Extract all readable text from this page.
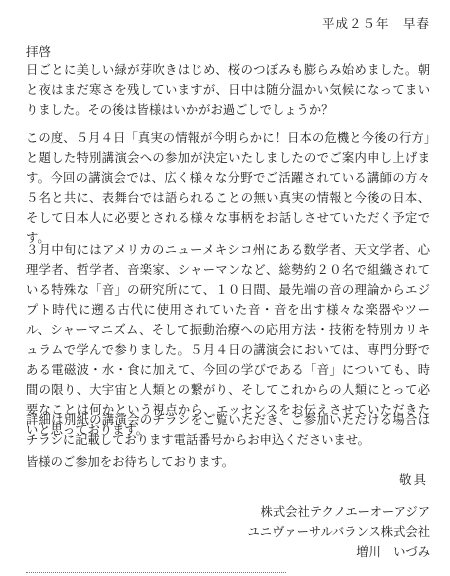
平成２５年　早春
拝啓

日ごとに美しい緑が芽吹きはじめ、桜のつぼみも膨らみ始めました。朝と夜はまだ寒さを残していますが、日中は随分温かい気候になってまいりました。その後は皆様はいかがお過ごしでしょうか？

この度、５月４日「真実の情報が今明らかに！日本の危機と今後の行方」と題した特別講演会への参加が決定いたしましたのでご案内申し上げます。今回の講演会では、広く様々な分野でご活躍されている講師の方々５名と共に、表舞台では語られることの無い真実の情報と今後の日本、そして日本人に必要とされる様々な事柄をお話しさせていただく予定です。

３月中旬にはアメリカのニューメキシコ州にある数学者、天文学者、心理学者、哲学者、音楽家、シャーマンなど、総勢約２０名で組織されている特殊な「音」の研究所にて、１０日間、最先端の音の理論からエジプト時代に遡る古代に使用されていた音・音を出す様々な楽器やツール、シャーマニズム、そして振動治療への応用方法・技術を特別カリキュラムで学んで参りました。５月４日の講演会においては、専門分野である電磁波・水・食に加えて、今回の学びである「音」についても、時間の限り、大宇宙と人類との繋がり、そしてこれからの人類にとって必要なことは何かという視点から、エッセンスをお伝えさせていただきたいと思っております。

詳細は別紙の講演会のチラシをご覧いただき、ご参加いただける場合はチラシに記載しております電話番号からお申込くださいませ。

皆様のご参加をお待ちしております。

敬具
株式会社テクノエーオーアジア
ユニヴァーサルバランス株式会社
増川　いづみ
